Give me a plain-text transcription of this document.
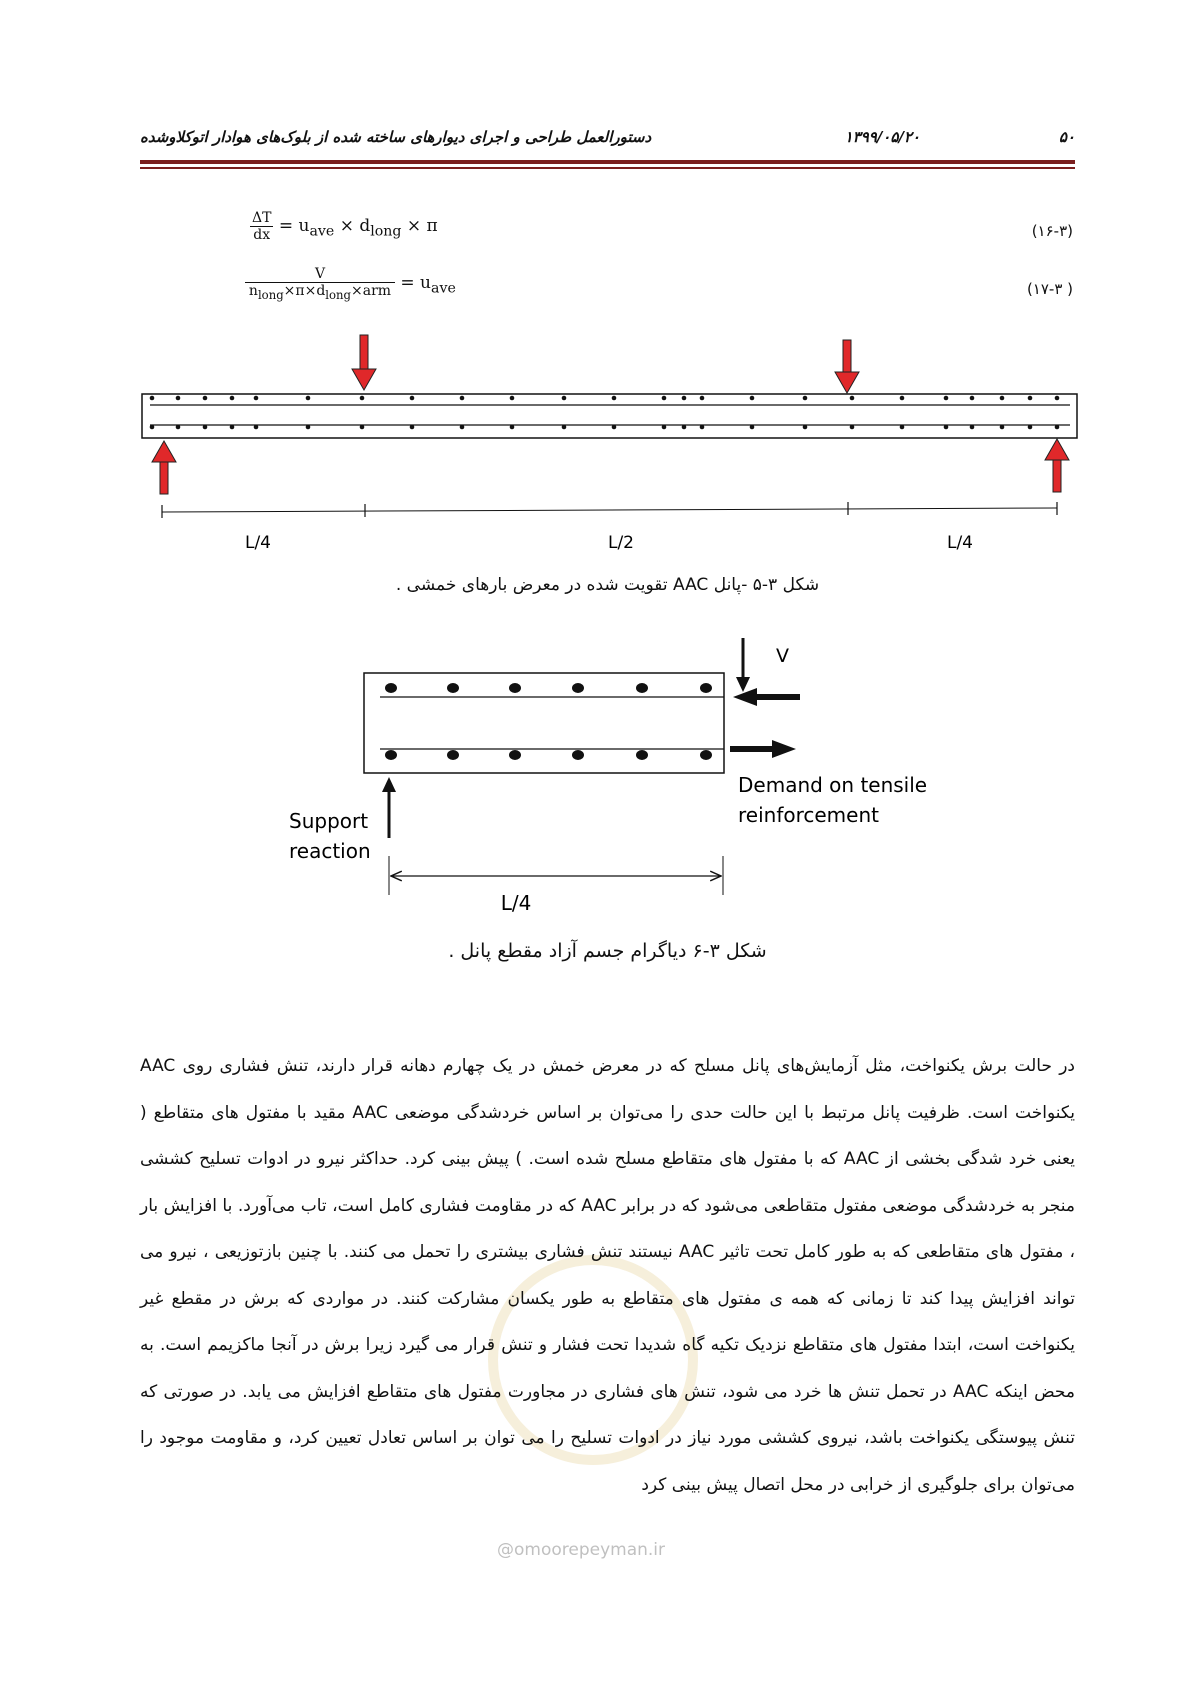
۵۰
۱۳۹۹/۰۵/۲۰
دستورالعمل طراحی و اجرای دیوارهای ساخته شده از بلوک‌های هوادار اتوکلاوشده
$\frac{\Delta T}{dx} = u_{ave} \times d_{long} \times \pi$	(۱۶-۳)
$\frac{V}{n_{long}\times\pi\times d_{long}\times arm} = u_{ave}$	(۱۷-۳ )
L/4	L/2	L/4
شکل ۳-۵ -پانل AAC تقویت شده در معرض بارهای خمشی .
V
Demand on tensile
reinforcement
Support
reaction
L/4
شکل ۳-۶ دیاگرام جسم آزاد مقطع پانل .
@omoorepeyman.ir

در حالت برش یکنواخت، مثل آزمایش‌های پانل مسلح که در معرض خمش در یک چهارم دهانه قرار دارند، تنش فشاری روی AAC یکنواخت است. ظرفیت پانل مرتبط با این حالت حدی را می‌توان بر اساس خردشدگی موضعی AAC مقید با مفتول های متقاطع ( یعنی خرد شدگی بخشی از AAC که با مفتول های متقاطع مسلح شده است. ) پیش بینی کرد. حداکثر نیرو در ادوات تسلیح کششی منجر به خردشدگی موضعی مفتول متقاطعی می‌شود که در برابر AAC که در مقاومت فشاری کامل است، تاب می‌آورد. با افزایش بار ، مفتول های متقاطعی که به طور کامل تحت تاثیر AAC نیستند تنش فشاری بیشتری را تحمل می کنند. با چنین بازتوزیعی ، نیرو می تواند افزایش پیدا کند تا زمانی که همه ی مفتول های متقاطع به طور یکسان مشارکت کنند. در مواردی که برش در مقطع غیر یکنواخت است، ابتدا مفتول های متقاطع نزدیک تکیه گاه شدیدا تحت فشار و تنش قرار می گیرد زیرا برش در آنجا ماکزیمم است. به محض اینکه AAC در تحمل تنش ها خرد می شود، تنش های فشاری در مجاورت مفتول های متقاطع افزایش می یابد. در صورتی که تنش پیوستگی یکنواخت باشد، نیروی کششی مورد نیاز در ادوات تسلیح را می توان بر اساس تعادل تعیین کرد، و مقاومت موجود را می‌توان برای جلوگیری از خرابی در محل اتصال پیش بینی کرد
